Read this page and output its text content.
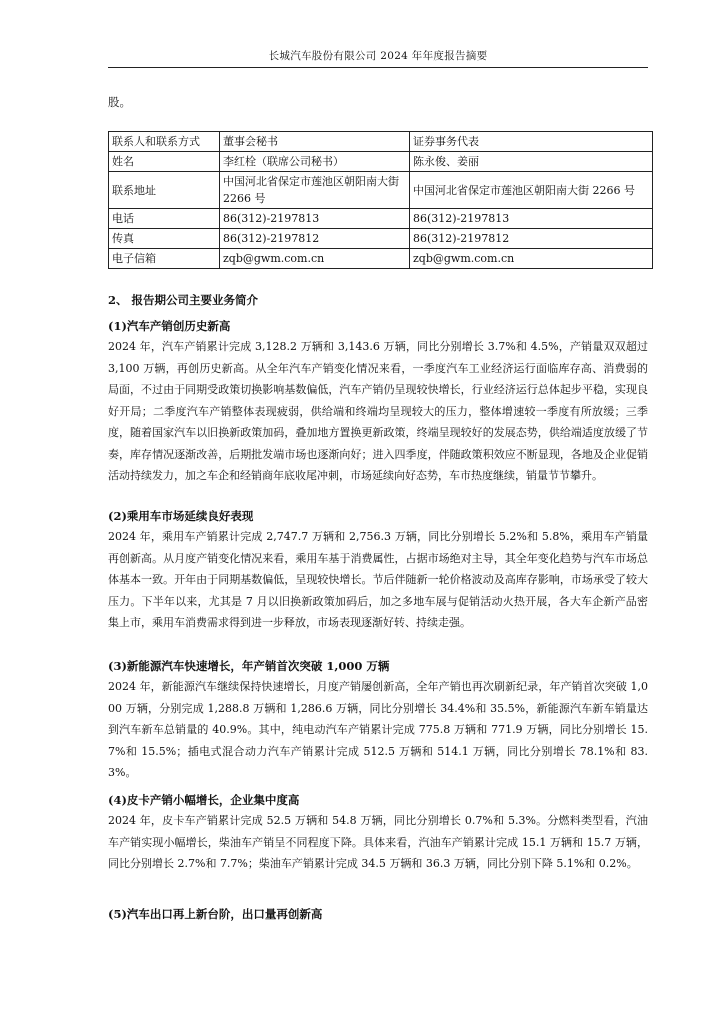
长城汽车股份有限公司 2024 年年度报告摘要
股。
联系人和联系方式	董事会秘书	证券事务代表
姓名	李红栓（联席公司秘书）	陈永俊、姜丽
联系地址	中国河北省保定市莲池区朝阳南大街 2266 号	中国河北省保定市莲池区朝阳南大街 2266 号
电话	86(312)-2197813	86(312)-2197813
传真	86(312)-2197812	86(312)-2197812
电子信箱	zqb@gwm.com.cn	zqb@gwm.com.cn
2、 报告期公司主要业务简介
(1)汽车产销创历史新高
2024 年，汽车产销累计完成 3,128.2 万辆和 3,143.6 万辆，同比分别增长 3.7%和 4.5%，产销量双双超过 3,100 万辆，再创历史新高。从全年汽车产销变化情况来看，一季度汽车工业经济运行面临库存高、消费弱的局面，不过由于同期受政策切换影响基数偏低，汽车产销仍呈现较快增长，行业经济运行总体起步平稳，实现良好开局；二季度汽车产销整体表现疲弱，供给端和终端均呈现较大的压力，整体增速较一季度有所放缓；三季度，随着国家汽车以旧换新政策加码，叠加地方置换更新政策，终端呈现较好的发展态势，供给端适度放缓了节奏，库存情况逐渐改善，后期批发端市场也逐渐向好；进入四季度，伴随政策积效应不断显现，各地及企业促销活动持续发力，加之车企和经销商年底收尾冲刺，市场延续向好态势，车市热度继续，销量节节攀升。
(2)乘用车市场延续良好表现
2024 年，乘用车产销累计完成 2,747.7 万辆和 2,756.3 万辆，同比分别增长 5.2%和 5.8%，乘用车产销量再创新高。从月度产销变化情况来看，乘用车基于消费属性，占据市场绝对主导，其全年变化趋势与汽车市场总体基本一致。开年由于同期基数偏低，呈现较快增长。节后伴随新一轮价格波动及高库存影响，市场承受了较大压力。下半年以来，尤其是 7 月以旧换新政策加码后，加之多地车展与促销活动火热开展，各大车企新产品密集上市，乘用车消费需求得到进一步释放，市场表现逐渐好转、持续走强。
(3)新能源汽车快速增长，年产销首次突破 1,000 万辆
2024 年，新能源汽车继续保持快速增长，月度产销屡创新高，全年产销也再次刷新纪录，年产销首次突破 1,000 万辆，分别完成 1,288.8 万辆和 1,286.6 万辆，同比分别增长 34.4%和 35.5%，新能源汽车新车销量达到汽车新车总销量的 40.9%。其中，纯电动汽车产销累计完成 775.8 万辆和 771.9 万辆，同比分别增长 15.7%和 15.5%；插电式混合动力汽车产销累计完成 512.5 万辆和 514.1 万辆，同比分别增长 78.1%和 83.3%。
(4)皮卡产销小幅增长，企业集中度高
2024 年，皮卡车产销累计完成 52.5 万辆和 54.8 万辆，同比分别增长 0.7%和 5.3%。分燃料类型看，汽油车产销实现小幅增长，柴油车产销呈不同程度下降。具体来看，汽油车产销累计完成 15.1 万辆和 15.7 万辆，同比分别增长 2.7%和 7.7%；柴油车产销累计完成 34.5 万辆和 36.3 万辆，同比分别下降 5.1%和 0.2%。
(5)汽车出口再上新台阶，出口量再创新高
